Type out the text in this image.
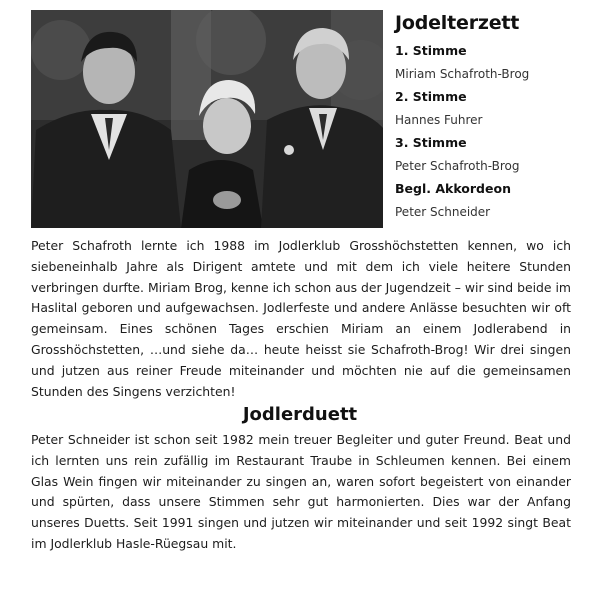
Jodelterzett

1. Stimme

Miriam Schafroth-Brog

2. Stimme

Hannes Fuhrer

3. Stimme

Peter Schafroth-Brog

Begl. Akkordeon

Peter Schneider

Peter Schafroth lernte ich 1988 im Jodlerklub Grosshöchstetten kennen, wo ich siebeneinhalb Jahre als Dirigent amtete und mit dem ich viele heitere Stunden verbringen durfte. Miriam Brog, kenne ich schon aus der Jugendzeit – wir sind beide im Haslital geboren und aufgewachsen. Jodlerfeste und andere Anlässe besuchten wir oft gemeinsam. Eines schönen Tages erschien Miriam an einem Jodlerabend in Grosshöchstetten, …und siehe da… heute heisst sie Schafroth-Brog! Wir drei singen und jutzen aus reiner Freude miteinander und möchten nie auf die gemeinsamen Stunden des Singens verzichten!

Jodlerduett

Peter Schneider ist schon seit 1982 mein treuer Begleiter und guter Freund. Beat und ich lernten uns rein zufällig im Restaurant Traube in Schleumen kennen. Bei einem Glas Wein fingen wir miteinander zu singen an, waren sofort begeistert von einander und spürten, dass unsere Stimmen sehr gut harmonierten. Dies war der Anfang unseres Duetts. Seit 1991 singen und jutzen wir miteinander und seit 1992 singt Beat im Jodlerklub Hasle-Rüegsau mit.
